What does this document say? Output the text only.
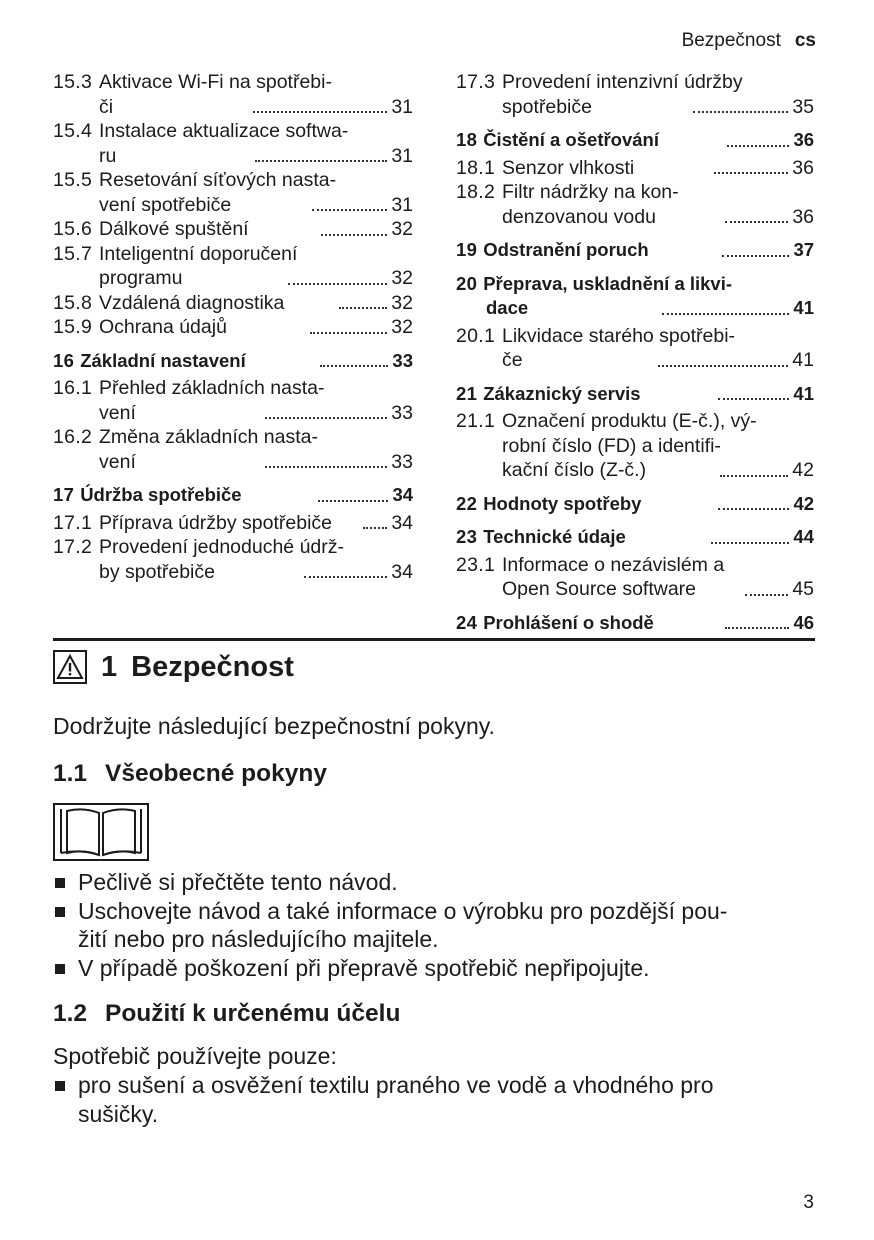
Bezpečnost cs
15.3 Aktivace Wi-Fi na spotřebi-
či	31
15.4 Instalace aktualizace softwa-
ru	31
15.5 Resetování síťových nasta-
vení spotřebiče	31
15.6 Dálkové spuštění	32
15.7 Inteligentní doporučení
programu	32
15.8 Vzdálená diagnostika	32
15.9 Ochrana údajů	32
16 Základní nastavení	33
16.1 Přehled základních nasta-
vení	33
16.2 Změna základních nasta-
vení	33
17 Údržba spotřebiče	34
17.1 Příprava údržby spotřebiče	34
17.2 Provedení jednoduché údrž-
by spotřebiče	34
17.3 Provedení intenzivní údržby
spotřebiče	35
18 Čistění a ošetřování	36
18.1 Senzor vlhkosti	36
18.2 Filtr nádržky na kon-
denzovanou vodu	36
19 Odstranění poruch	37
20 Přeprava, uskladnění a likvi-
dace	41
20.1 Likvidace starého spotřebi-
če	41
21 Zákaznický servis	41
21.1 Označení produktu (E-č.), vý-
robní číslo (FD) a identifi-
kační číslo (Z-č.)	42
22 Hodnoty spotřeby	42
23 Technické údaje	44
23.1 Informace o nezávislém a
Open Source software	45
24 Prohlášení o shodě	46
1 Bezpečnost
Dodržujte následující bezpečnostní pokyny.
1.1 Všeobecné pokyny
Pečlivě si přečtěte tento návod.
Uschovejte návod a také informace o výrobku pro pozdější pou-
žití nebo pro následujícího majitele.
V případě poškození při přepravě spotřebič nepřipojujte.
1.2 Použití k určenému účelu
Spotřebič používejte pouze:
pro sušení a osvěžení textilu praného ve vodě a vhodného pro
sušičky.
3
